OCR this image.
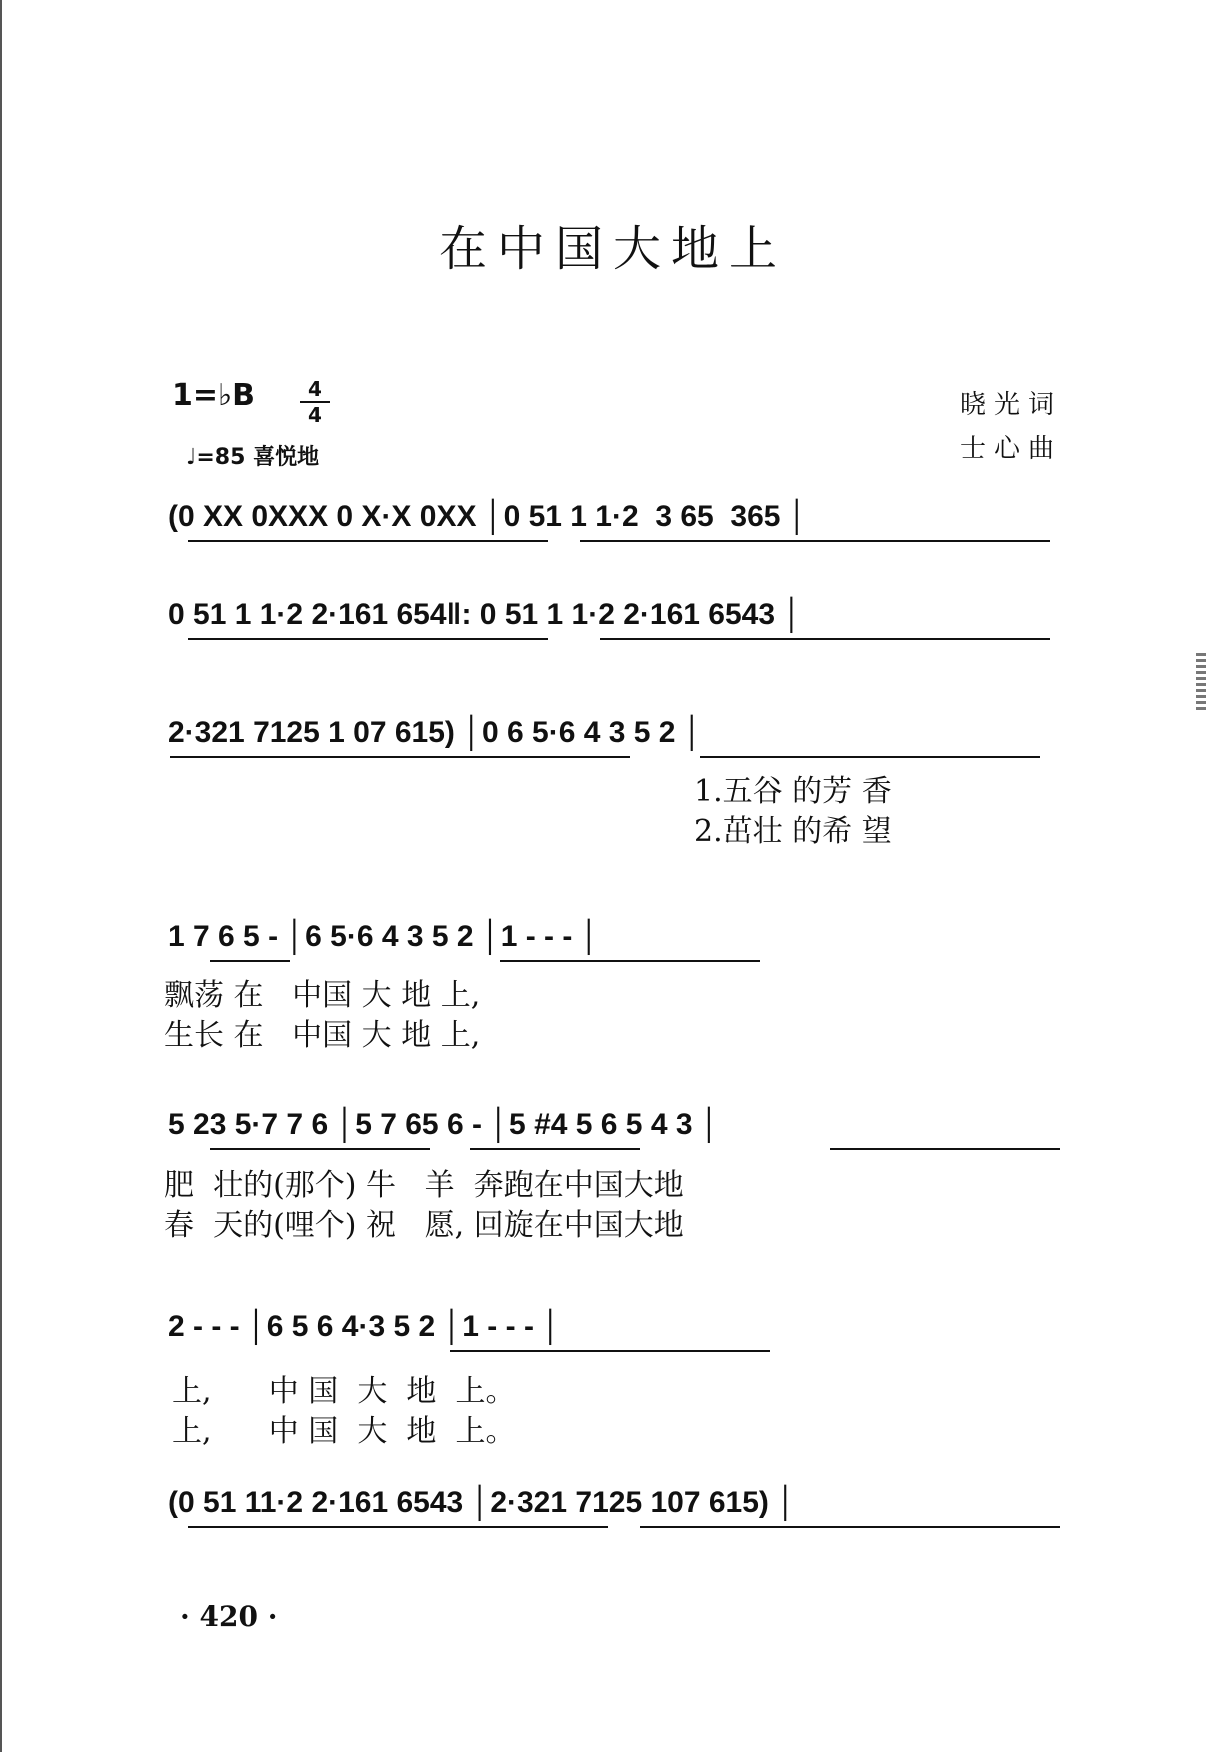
在中国大地上
1=♭B	4
4
♩=85 喜悦地
晓光词
士心曲
(0 XX 0XXX 0 X·X 0XX │0 51 1 1·2  3 65  365 │
0 51 1 1·2 2·161 654‖: 0 51 1 1·2 2·161 6543 │
2·321 7125 1 07 615) │0 6 5·6 4 3 5 2 │
1.五谷 的芳 香
2.茁壮 的希 望
1 7 6 5 - │6 5·6 4 3 5 2 │1 - - - │
飘荡 在   中国 大 地 上,
生长 在   中国 大 地 上,
5 23 5·7 7 6 │5 7 65 6 - │5 #4 5 6 5 4 3 │
肥  壮的(那个) 牛   羊  奔跑在中国大地
春  天的(哩个) 祝   愿, 回旋在中国大地
2 - - - │6 5 6 4·3 5 2 │1 - - - │
上,      中 国  大  地  上。
上,      中 国  大  地  上。
(0 51 11·2 2·161 6543 │2·321 7125 107 615) │
· 420 ·
